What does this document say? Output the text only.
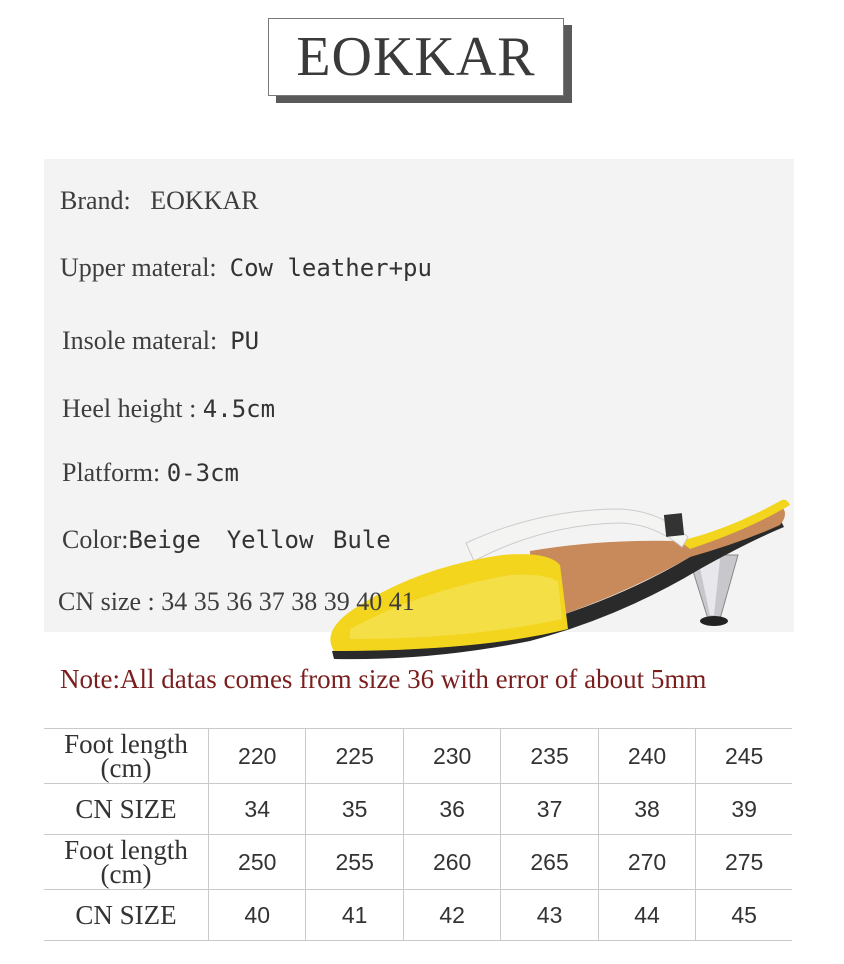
EOKKAR
Brand: EOKKAR
Upper materal: Cow leather+pu
Insole materal: PU
Heel height : 4.5cm
Platform: 0-3cm
Color:Beige Yellow Bule
CN size : 34 35 36 37 38 39 40 41
Note:All datas comes from size 36 with error of about 5mm
Foot length
(cm)	220	225	230	235	240	245
CN SIZE	34	35	36	37	38	39
Foot length
(cm)	250	255	260	265	270	275
CN SIZE	40	41	42	43	44	45
